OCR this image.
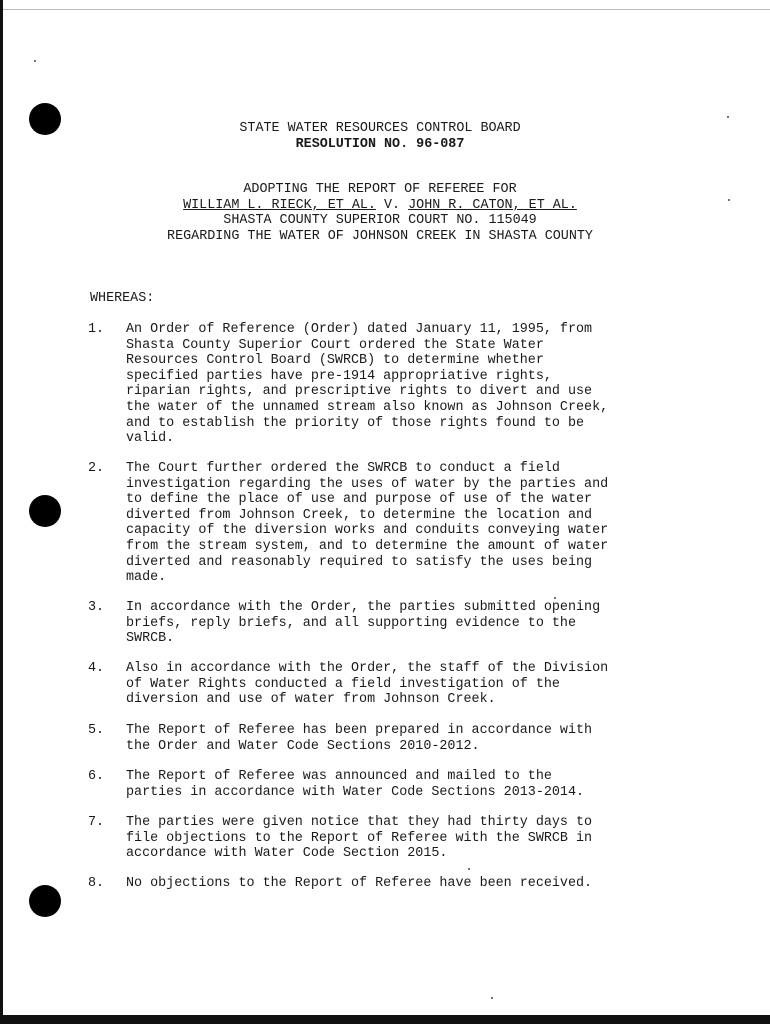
STATE WATER RESOURCES CONTROL BOARD
RESOLUTION NO. 96-087
ADOPTING THE REPORT OF REFEREE FOR
WILLIAM L. RIECK, ET AL. V. JOHN R. CATON, ET AL.
SHASTA COUNTY SUPERIOR COURT NO. 115049
REGARDING THE WATER OF JOHNSON CREEK IN SHASTA COUNTY
WHEREAS:
1. An Order of Reference (Order) dated January 11, 1995, from
Shasta County Superior Court ordered the State Water
Resources Control Board (SWRCB) to determine whether
specified parties have pre-1914 appropriative rights,
riparian rights, and prescriptive rights to divert and use
the water of the unnamed stream also known as Johnson Creek,
and to establish the priority of those rights found to be
valid.
2. The Court further ordered the SWRCB to conduct a field
investigation regarding the uses of water by the parties and
to define the place of use and purpose of use of the water
diverted from Johnson Creek, to determine the location and
capacity of the diversion works and conduits conveying water
from the stream system, and to determine the amount of water
diverted and reasonably required to satisfy the uses being
made.
3. In accordance with the Order, the parties submitted opening
briefs, reply briefs, and all supporting evidence to the
SWRCB.
4. Also in accordance with the Order, the staff of the Division
of Water Rights conducted a field investigation of the
diversion and use of water from Johnson Creek.
5. The Report of Referee has been prepared in accordance with
the Order and Water Code Sections 2010-2012.
6. The Report of Referee was announced and mailed to the
parties in accordance with Water Code Sections 2013-2014.
7. The parties were given notice that they had thirty days to
file objections to the Report of Referee with the SWRCB in
accordance with Water Code Section 2015.
8. No objections to the Report of Referee have been received.
